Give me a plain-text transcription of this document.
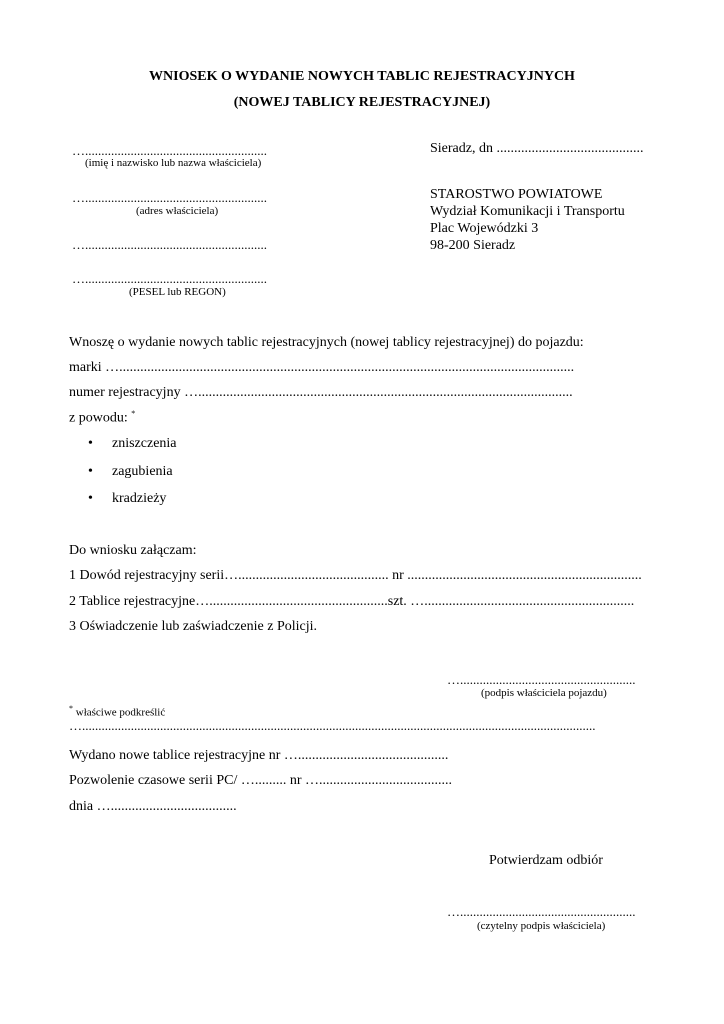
WNIOSEK O WYDANIE NOWYCH TABLIC REJESTRACYJNYCH
(NOWEJ TABLICY REJESTRACYJNEJ)
…........................................................
(imię i nazwisko lub nazwa właściciela)
…........................................................
(adres właściciela)
…........................................................
…........................................................
(PESEL lub REGON)
Sieradz, dn ..........................................
STAROSTWO POWIATOWE
Wydział Komunikacji i Transportu
Plac Wojewódzki 3
98-200 Sieradz
Wnoszę o wydanie nowych tablic rejestracyjnych (nowej tablicy rejestracyjnej) do pojazdu:
marki …..................................................................................................................................
numer rejestracyjny …...........................................................................................................
z powodu: *
• zniszczenia
• zagubienia
• kradzieży
Do wniosku załączam:
1 Dowód rejestracyjny serii…........................................... nr ...................................................................
2 Tablice rejestracyjne…...................................................szt. …............................................................
3 Oświadczenie lub zaświadczenie z Policji.
…......................................................
(podpis właściciela pojazdu)
* właściwe podkreślić
…..............................................................................................................................................................
Wydano nowe tablice rejestracyjne nr …...........................................
Pozwolenie czasowe serii PC/ …......... nr …......................................
dnia …....................................
Potwierdzam odbiór
…......................................................
(czytelny podpis właściciela)
